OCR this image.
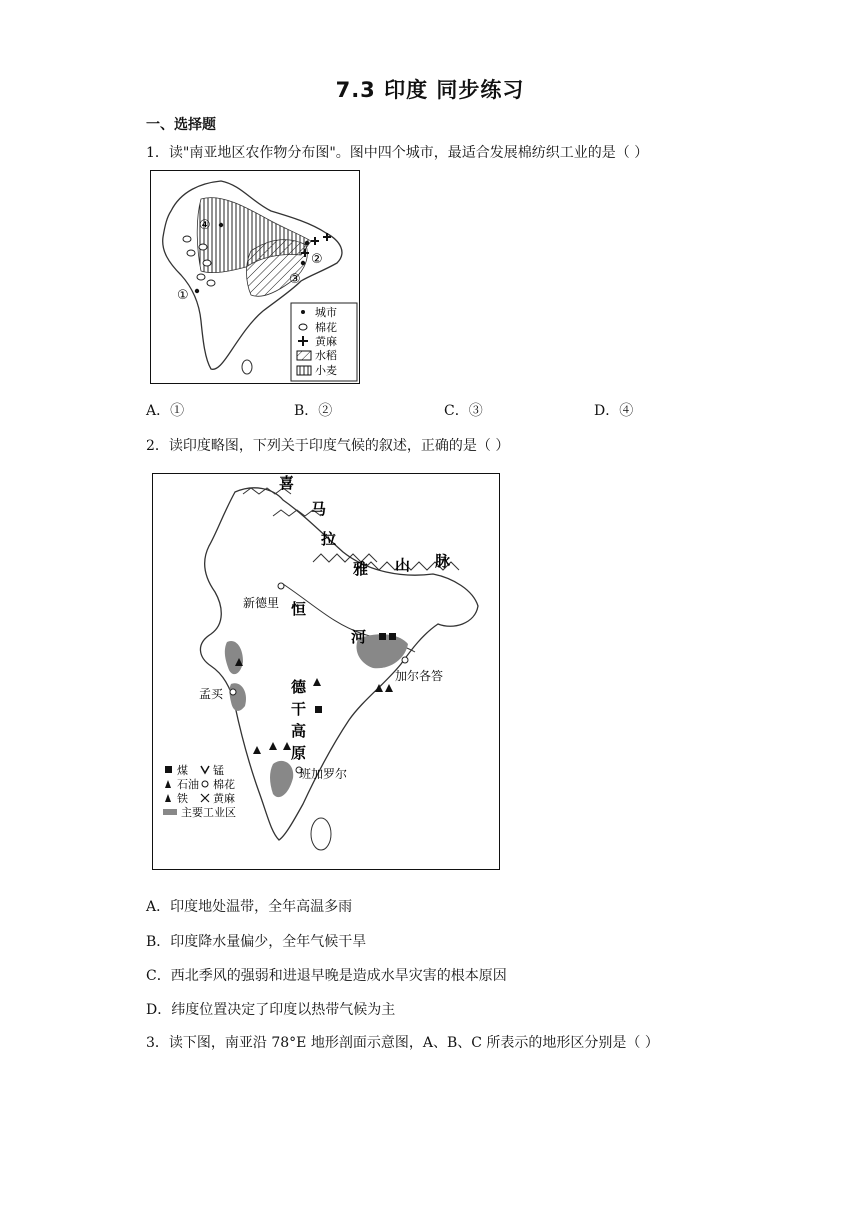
7.3 印度 同步练习
一、选择题
1．读"南亚地区农作物分布图"。图中四个城市，最适合发展棉纺织工业的是（ ）
①
②
③
④
城市
棉花
黄麻
水稻
小麦
A．①	B．②	C．③	D．④
2．读印度略图，下列关于印度气候的叙述，正确的是（ ）
喜
马
拉
雅 山 脉
恒
河
德
干
高
原
新德里
孟买
加尔各答
班加罗尔
煤 锰
石油 棉花
铁 黄麻
主要工业区
A．印度地处温带，全年高温多雨
B．印度降水量偏少，全年气候干旱
C．西北季风的强弱和进退早晚是造成水旱灾害的根本原因
D．纬度位置决定了印度以热带气候为主
3．读下图，南亚沿 78°E 地形剖面示意图，A、B、C 所表示的地形区分别是（ ）
